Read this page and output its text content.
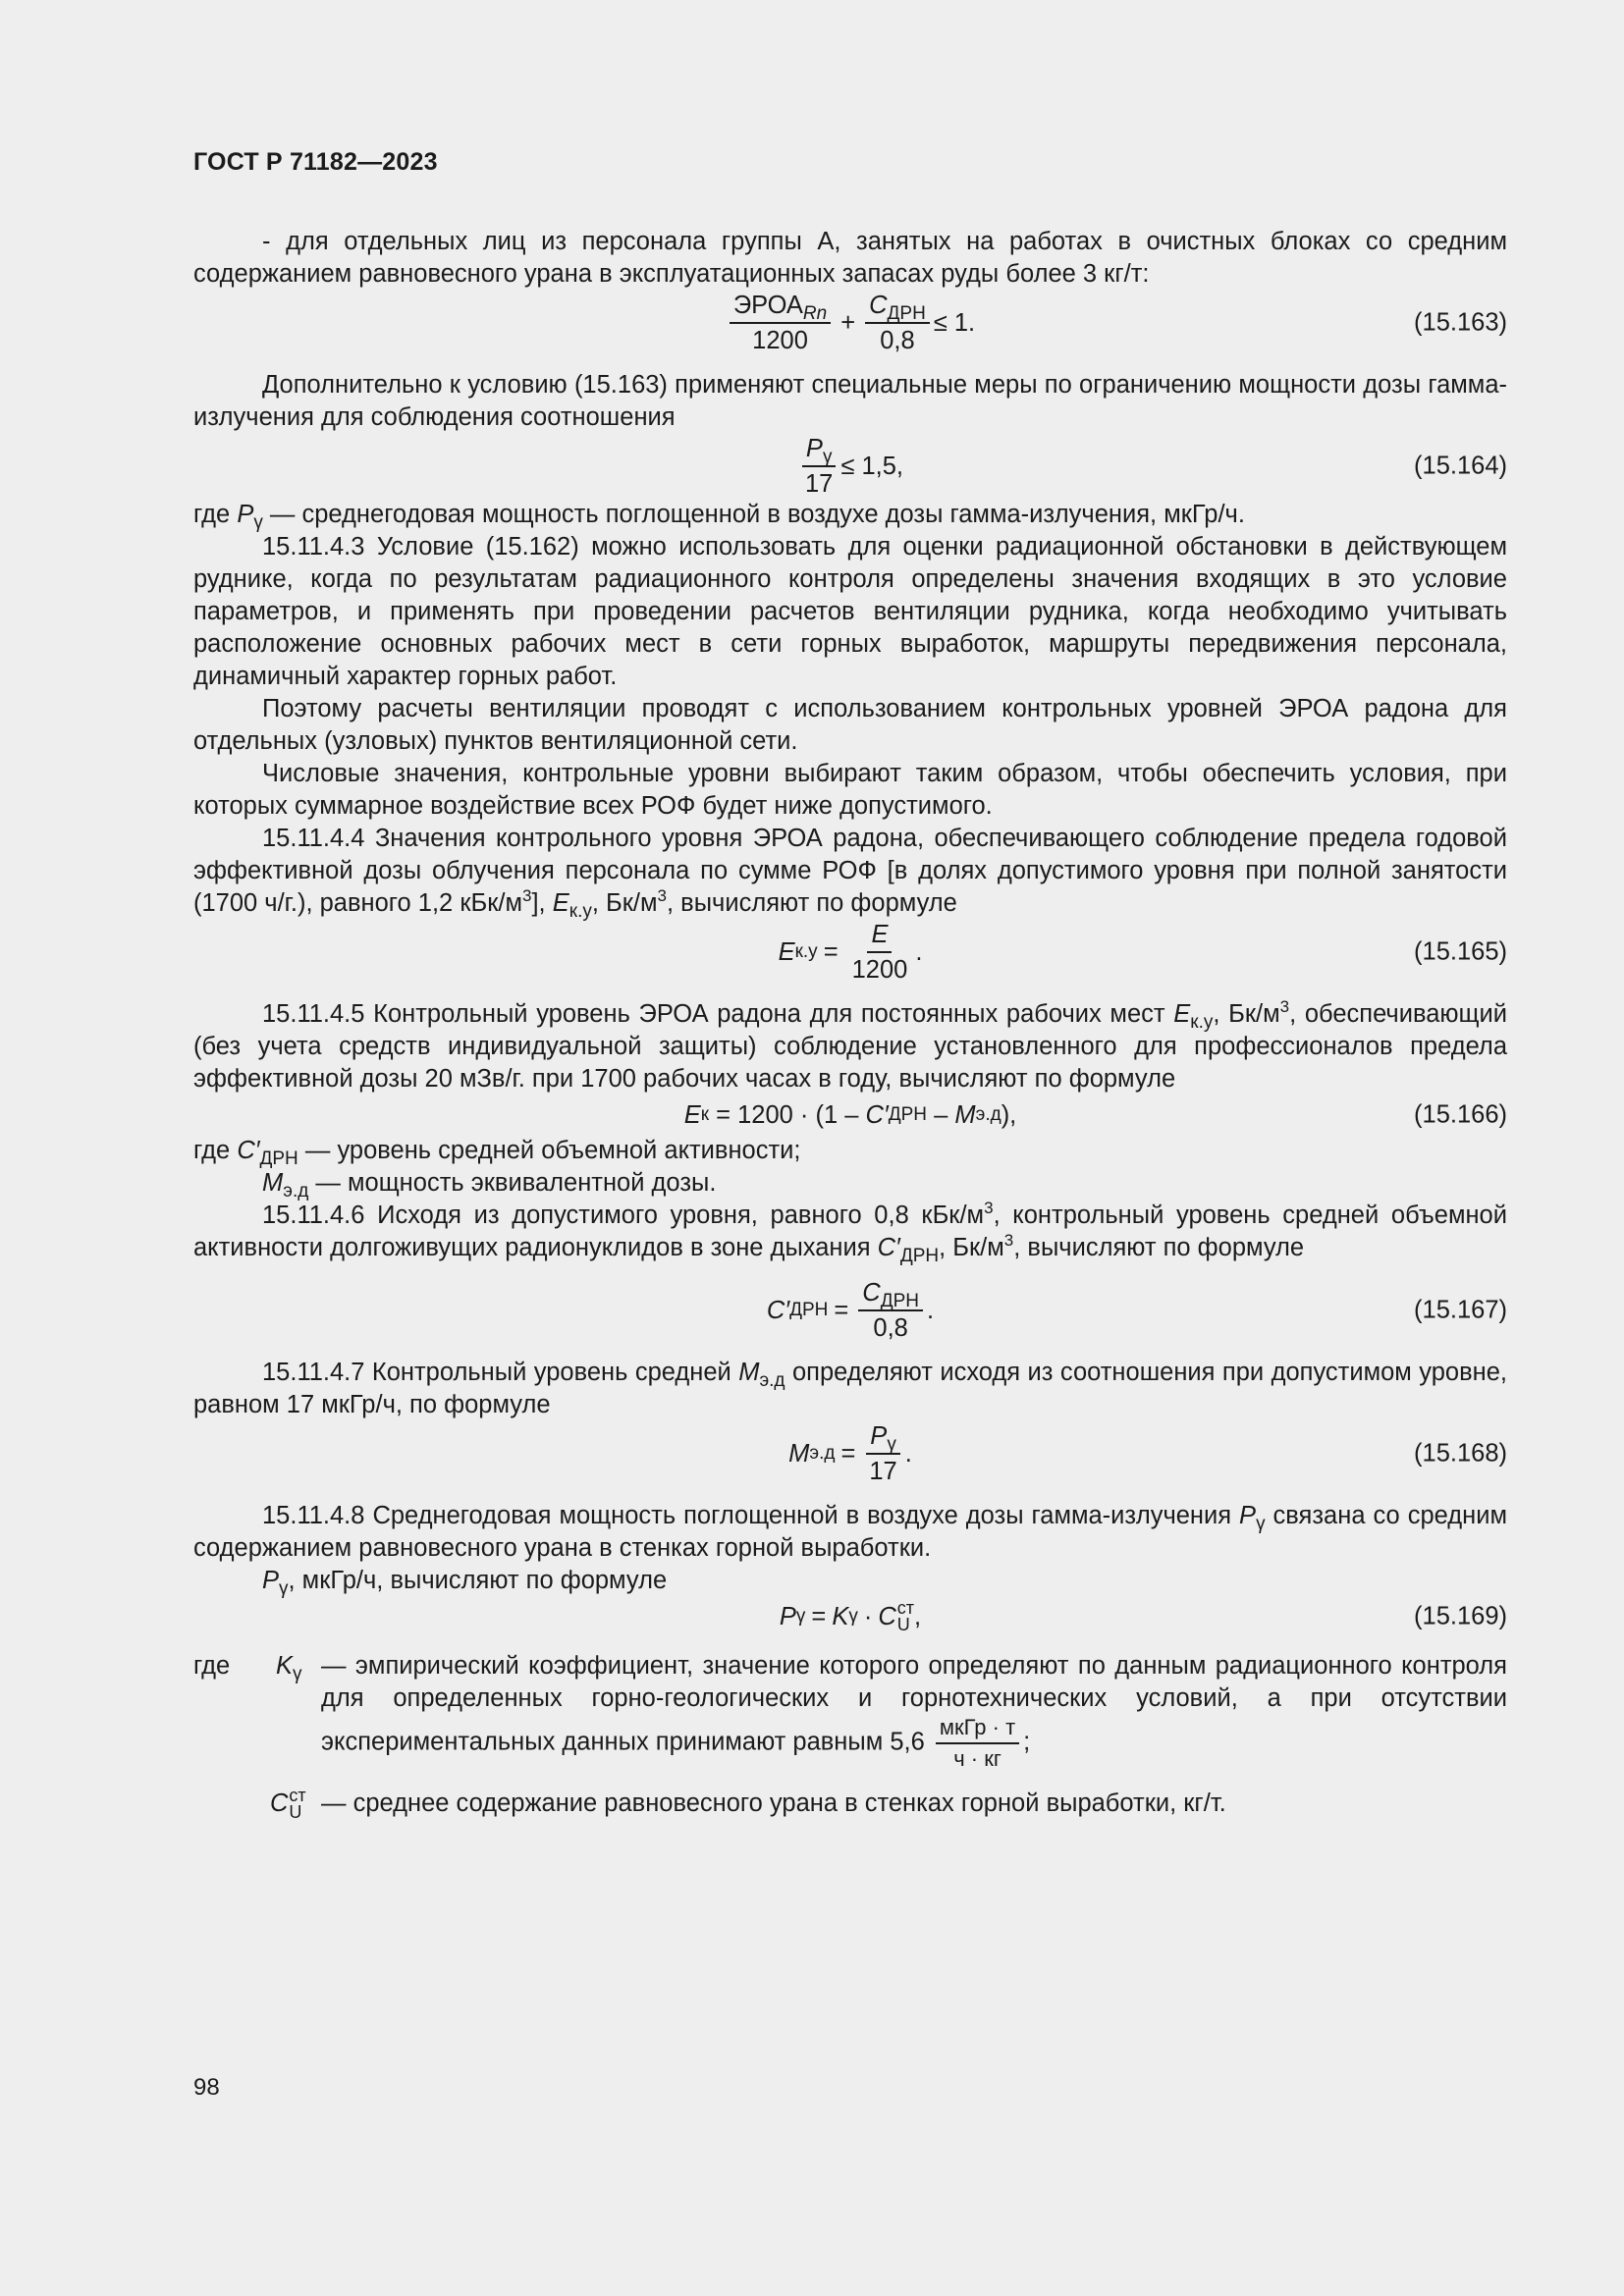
ГОСТ Р 71182—2023

- для отдельных лиц из персонала группы А, занятых на работах в очистных блоках со средним содержанием равновесного урана в эксплуатационных запасах руды более 3 кг/т:

$\frac{ЭРОА_{Rn}}{1200} + \frac{C_{ДРН}}{0,8} \le 1$.	(15.163)

Дополнительно к условию (15.163) применяют специальные меры по ограничению мощности дозы гамма-излучения для соблюдения соотношения

$\frac{P_\gamma}{17} \le 1,5$,	(15.164)

где $P_\gamma$ — среднегодовая мощность поглощенной в воздухе дозы гамма-излучения, мкГр/ч.

15.11.4.3 Условие (15.162) можно использовать для оценки радиационной обстановки в действующем руднике, когда по результатам радиационного контроля определены значения входящих в это условие параметров, и применять при проведении расчетов вентиляции рудника, когда необходимо учитывать расположение основных рабочих мест в сети горных выработок, маршруты передвижения персонала, динамичный характер горных работ.

Поэтому расчеты вентиляции проводят с использованием контрольных уровней ЭРОА радона для отдельных (узловых) пунктов вентиляционной сети.

Числовые значения, контрольные уровни выбирают таким образом, чтобы обеспечить условия, при которых суммарное воздействие всех РОФ будет ниже допустимого.

15.11.4.4 Значения контрольного уровня ЭРОА радона, обеспечивающего соблюдение предела годовой эффективной дозы облучения персонала по сумме РОФ [в долях допустимого уровня при полной занятости (1700 ч/г.), равного 1,2 кБк/$м^3$], $E_{к.у}$, $Бк/м^3$, вычисляют по формуле

E $к.у = \frac{E}{1200}$ .	(15.165)

15.11.4.5 Контрольный уровень ЭРОА радона для постоянных рабочих мест $E_{к.у}$, $Бк/м^3$, обеспечивающий (без учета средств индивидуальной защиты) соблюдение установленного для профессионалов предела эффективной дозы 20 мЗв/г. при 1700 рабочих часах в году, вычисляют по формуле

E к = 1200 · (1 – C′ ДРН – M э.д ),	(15.166)

где $C'_{ДРН}$ — уровень средней объемной активности;

$M_{э.д}$ — мощность эквивалентной дозы.

15.11.4.6 Исходя из допустимого уровня, равного 0,8 кБк/$м^3$, контрольный уровень средней объемной активности долгоживущих радионуклидов в зоне дыхания $C'_{ДРН}$, $Бк/м^3$, вычисляют по формуле

C′ ДРН = $\frac{C_{ДРН}}{0,8}$ .	(15.167)

15.11.4.7 Контрольный уровень средней $M_{э.д}$ определяют исходя из соотношения при допустимом уровне, равном 17 мкГр/ч, по формуле

M $э.д = \frac{P_\gamma}{17}$ .	(15.168)

15.11.4.8 Среднегодовая мощность поглощенной в воздухе дозы гамма-излучения $P_\gamma$ связана со средним содержанием равновесного урана в стенках горной выработки.

$P_\gamma$, мкГр/ч, вычисляют по формуле

P γ = K γ · C ст
U ,	(15.169)
где	$K_\gamma$ — эмпирический коэффициент, значение которого определяют по данным радиационного контроля для определенных горно-геологических и горнотехнических условий, а при отсутствии экспериментальных данных принимают равным $5,6 \frac{\text{мкГр · т}}{ч \cdot кг}$ ;
C ст
U — среднее содержание равновесного урана в стенках горной выработки, кг/т.
98
